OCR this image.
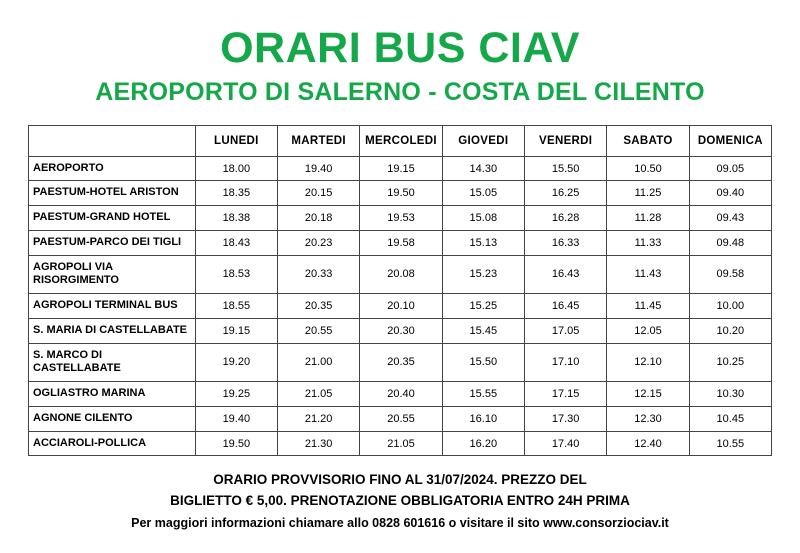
ORARI BUS CIAV
AEROPORTO DI SALERNO - COSTA DEL CILENTO
	LUNEDI	MARTEDI	MERCOLEDI	GIOVEDI	VENERDI	SABATO	DOMENICA
AEROPORTO	18.00	19.40	19.15	14.30	15.50	10.50	09.05
PAESTUM-HOTEL ARISTON	18.35	20.15	19.50	15.05	16.25	11.25	09.40
PAESTUM-GRAND HOTEL	18.38	20.18	19.53	15.08	16.28	11.28	09.43
PAESTUM-PARCO DEI TIGLI	18.43	20.23	19.58	15.13	16.33	11.33	09.48
AGROPOLI VIA RISORGIMENTO	18.53	20.33	20.08	15.23	16.43	11.43	09.58
AGROPOLI TERMINAL BUS	18.55	20.35	20.10	15.25	16.45	11.45	10.00
S. MARIA DI CASTELLABATE	19.15	20.55	20.30	15.45	17.05	12.05	10.20
S. MARCO DI CASTELLABATE	19.20	21.00	20.35	15.50	17.10	12.10	10.25
OGLIASTRO MARINA	19.25	21.05	20.40	15.55	17.15	12.15	10.30
AGNONE CILENTO	19.40	21.20	20.55	16.10	17.30	12.30	10.45
ACCIAROLI-POLLICA	19.50	21.30	21.05	16.20	17.40	12.40	10.55
ORARIO PROVVISORIO FINO AL 31/07/2024. PREZZO DEL
BIGLIETTO € 5,00. PRENOTAZIONE OBBLIGATORIA ENTRO 24H PRIMA
Per maggiori informazioni chiamare allo 0828 601616 o visitare il sito www.consorziociav.it
